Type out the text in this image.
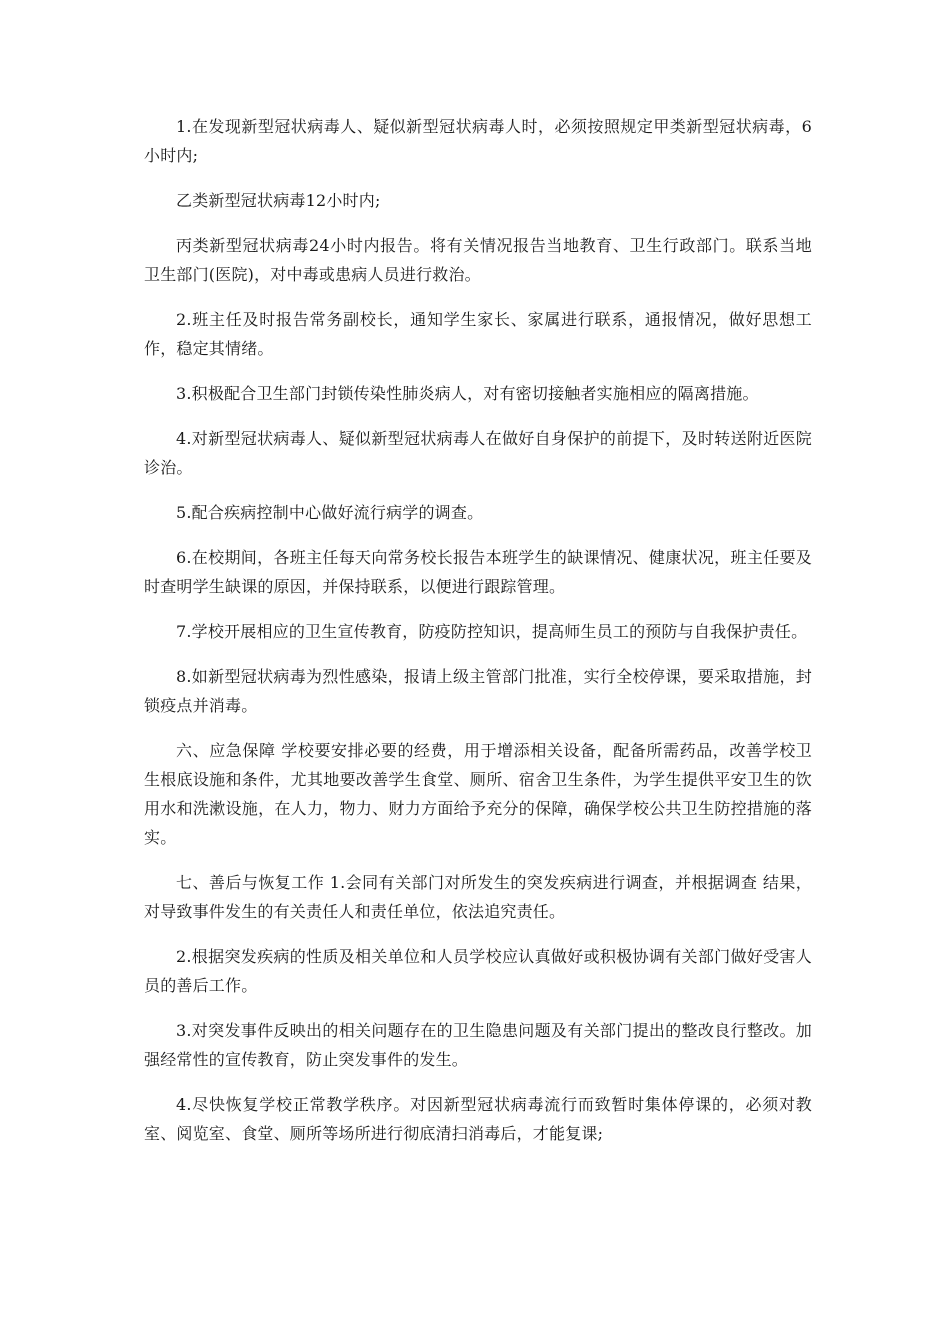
1.在发现新型冠状病毒人、疑似新型冠状病毒人时，必须按照规定甲类新型冠状病毒，6小时内;

乙类新型冠状病毒12小时内;

丙类新型冠状病毒24小时内报告。将有关情况报告当地教育、卫生行政部门。联系当地卫生部门(医院)，对中毒或患病人员进行救治。

2.班主任及时报告常务副校长，通知学生家长、家属进行联系，通报情况，做好思想工作，稳定其情绪。

3.积极配合卫生部门封锁传染性肺炎病人，对有密切接触者实施相应的隔离措施。

4.对新型冠状病毒人、疑似新型冠状病毒人在做好自身保护的前提下，及时转送附近医院诊治。

5.配合疾病控制中心做好流行病学的调查。

6.在校期间，各班主任每天向常务校长报告本班学生的缺课情况、健康状况，班主任要及时查明学生缺课的原因，并保持联系，以便进行跟踪管理。

7.学校开展相应的卫生宣传教育，防疫防控知识，提高师生员工的预防与自我保护责任。

8.如新型冠状病毒为烈性感染，报请上级主管部门批准，实行全校停课，要采取措施，封锁疫点并消毒。

六、应急保障 学校要安排必要的经费，用于增添相关设备，配备所需药品，改善学校卫生根底设施和条件，尤其地要改善学生食堂、厕所、宿舍卫生条件，为学生提供平安卫生的饮用水和洗漱设施，在人力，物力、财力方面给予充分的保障，确保学校公共卫生防控措施的落实。

七、善后与恢复工作 1.会同有关部门对所发生的突发疾病进行调查，并根据调查 结果，对导致事件发生的有关责任人和责任单位，依法追究责任。

2.根据突发疾病的性质及相关单位和人员学校应认真做好或积极协调有关部门做好受害人员的善后工作。

3.对突发事件反映出的相关问题存在的卫生隐患问题及有关部门提出的整改良行整改。加强经常性的宣传教育，防止突发事件的发生。

4.尽快恢复学校正常教学秩序。对因新型冠状病毒流行而致暂时集体停课的，必须对教室、阅览室、食堂、厕所等场所进行彻底清扫消毒后，才能复课;
